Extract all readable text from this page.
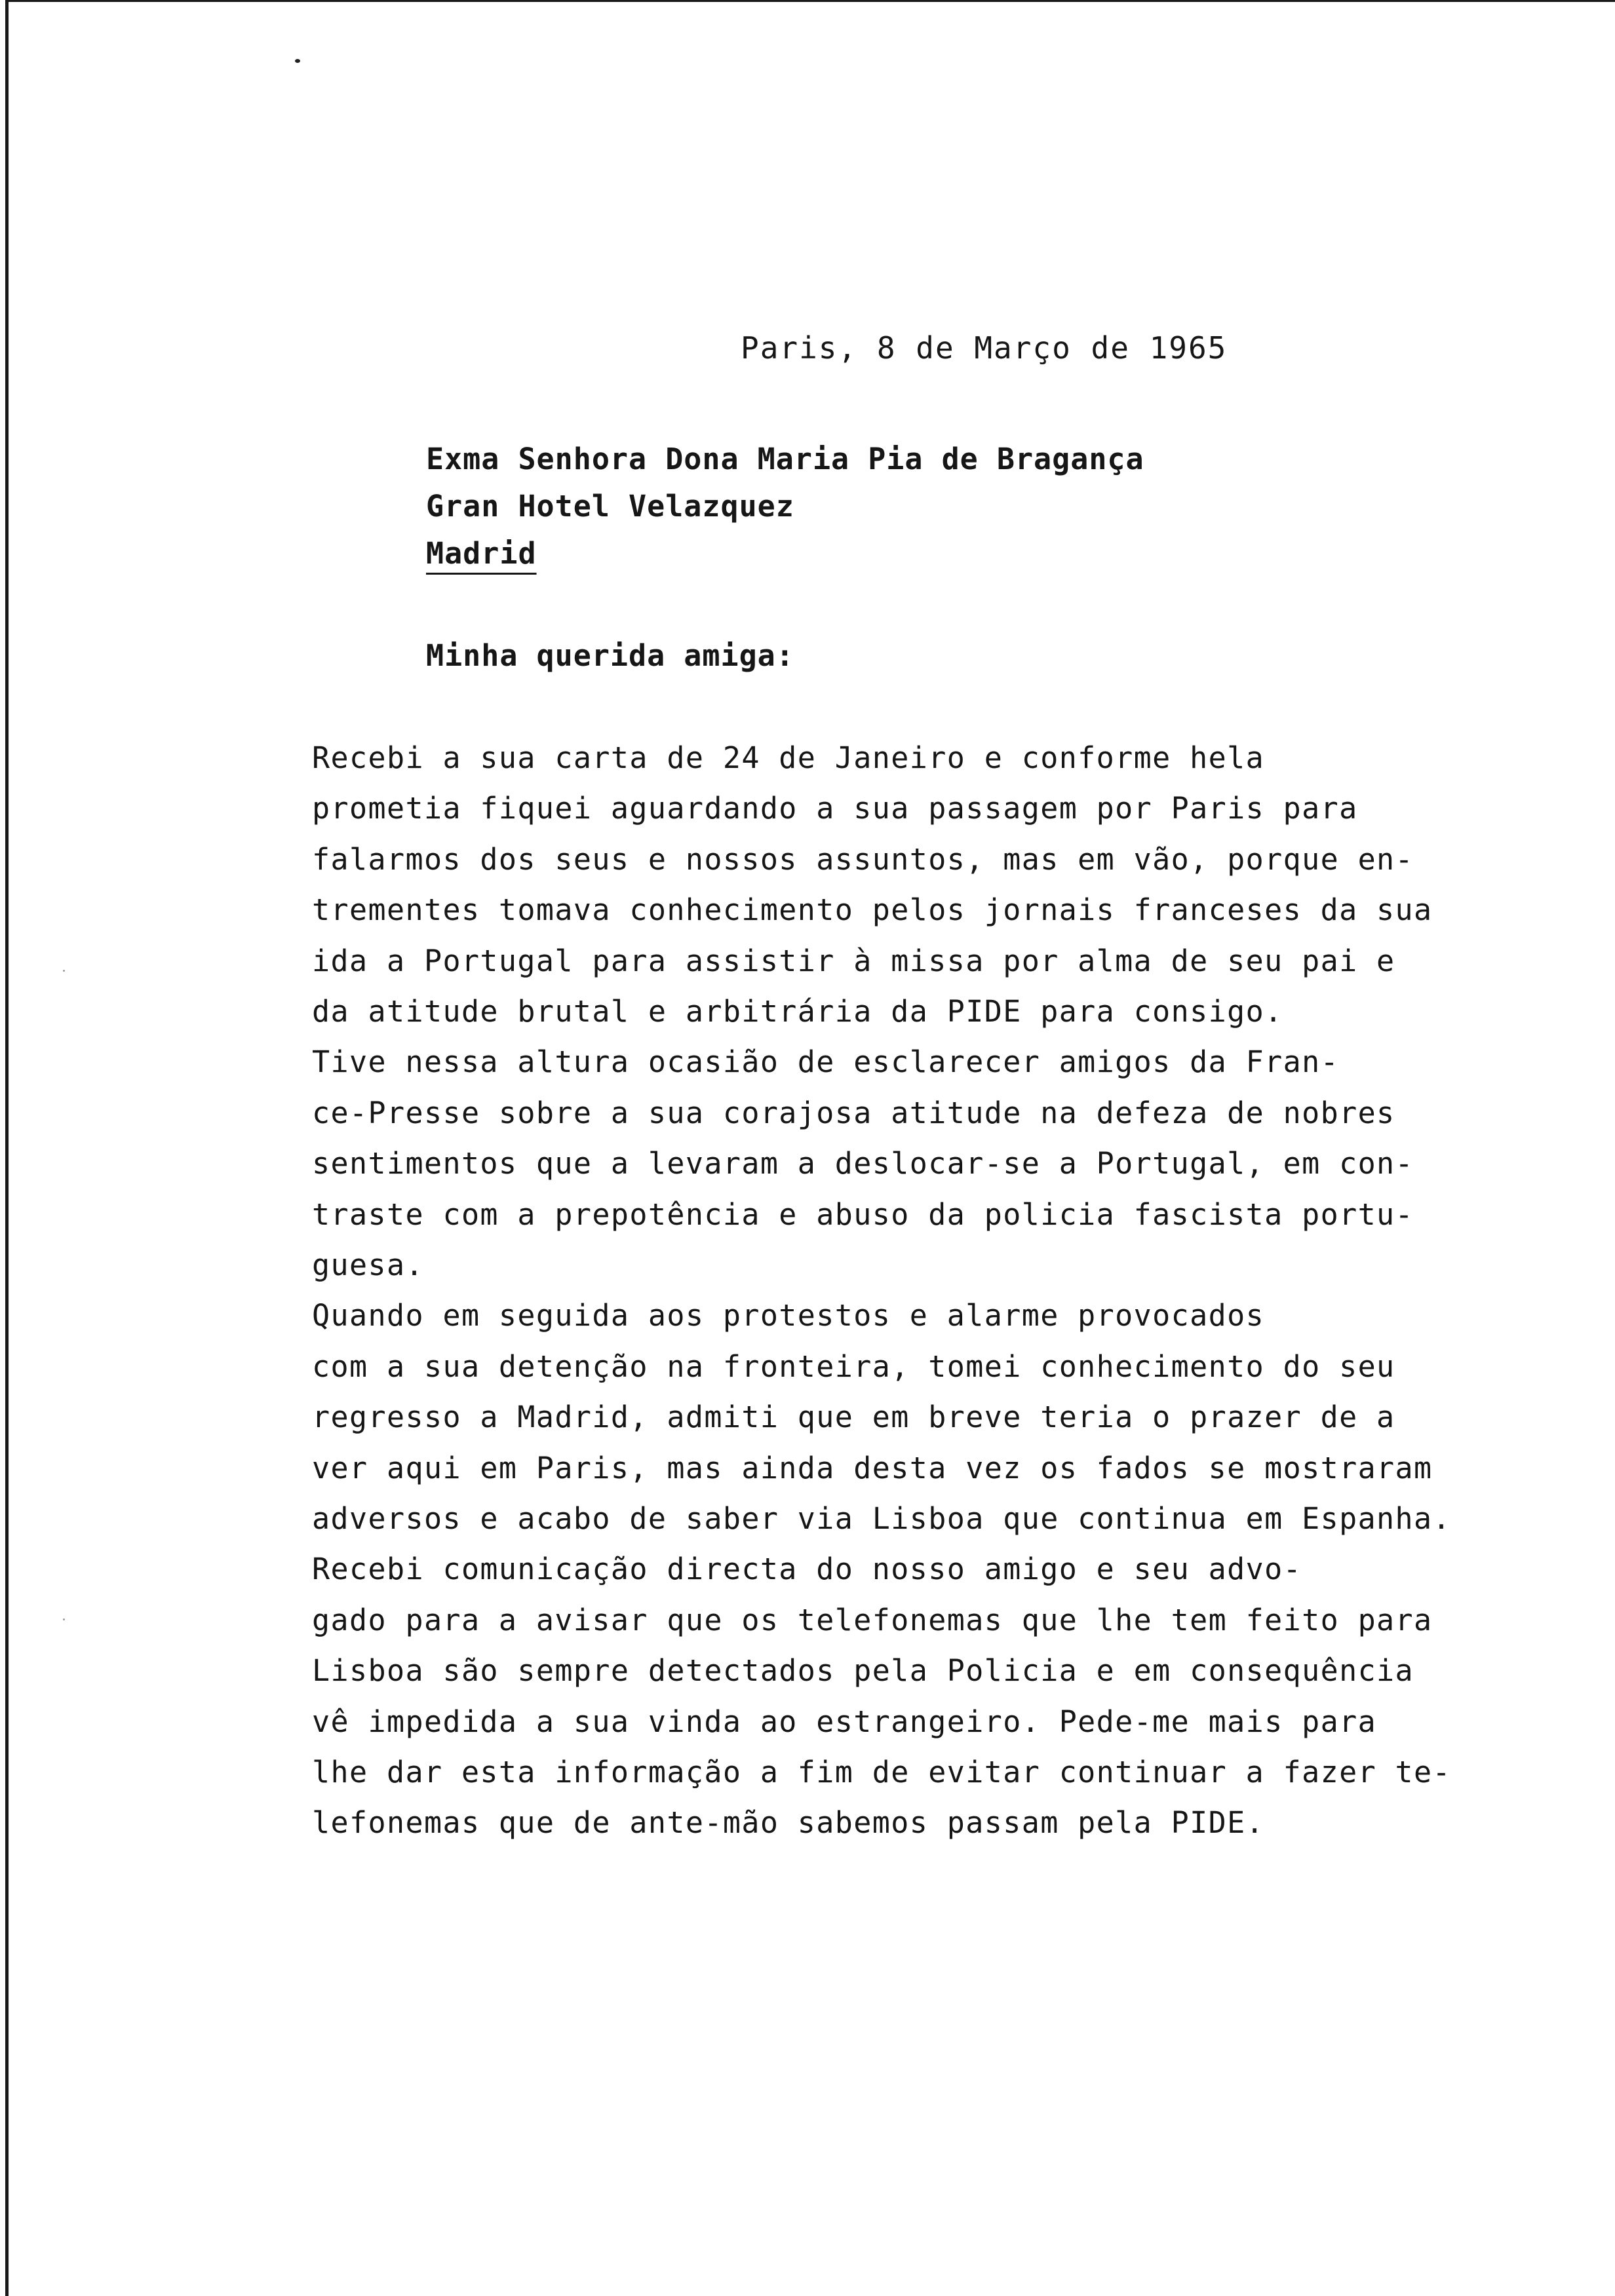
Paris, 8 de Março de 1965
Exma Senhora Dona Maria Pia de Bragança
Gran Hotel Velazquez
Madrid
Minha querida amiga:
Recebi a sua carta de 24 de Janeiro e conforme hela
prometia fiquei aguardando a sua passagem por Paris para
falarmos dos seus e nossos assuntos, mas em vão, porque en-
trementes tomava conhecimento pelos jornais franceses da sua
ida a Portugal para assistir à missa por alma de seu pai e
da atitude brutal e arbitrária da PIDE para consigo.
Tive nessa altura ocasião de esclarecer amigos da Fran-
ce-Presse sobre a sua corajosa atitude na defeza de nobres
sentimentos que a levaram a deslocar-se a Portugal, em con-
traste com a prepotência e abuso da policia fascista portu-
guesa.
Quando em seguida aos protestos e alarme provocados
com a sua detenção na fronteira, tomei conhecimento do seu
regresso a Madrid, admiti que em breve teria o prazer de a
ver aqui em Paris, mas ainda desta vez os fados se mostraram
adversos e acabo de saber via Lisboa que continua em Espanha.
Recebi comunicação directa do nosso amigo e seu advo-
gado para a avisar que os telefonemas que lhe tem feito para
Lisboa são sempre detectados pela Policia e em consequência
vê impedida a sua vinda ao estrangeiro. Pede-me mais para
lhe dar esta informação a fim de evitar continuar a fazer te-
lefonemas que de ante-mão sabemos passam pela PIDE.
